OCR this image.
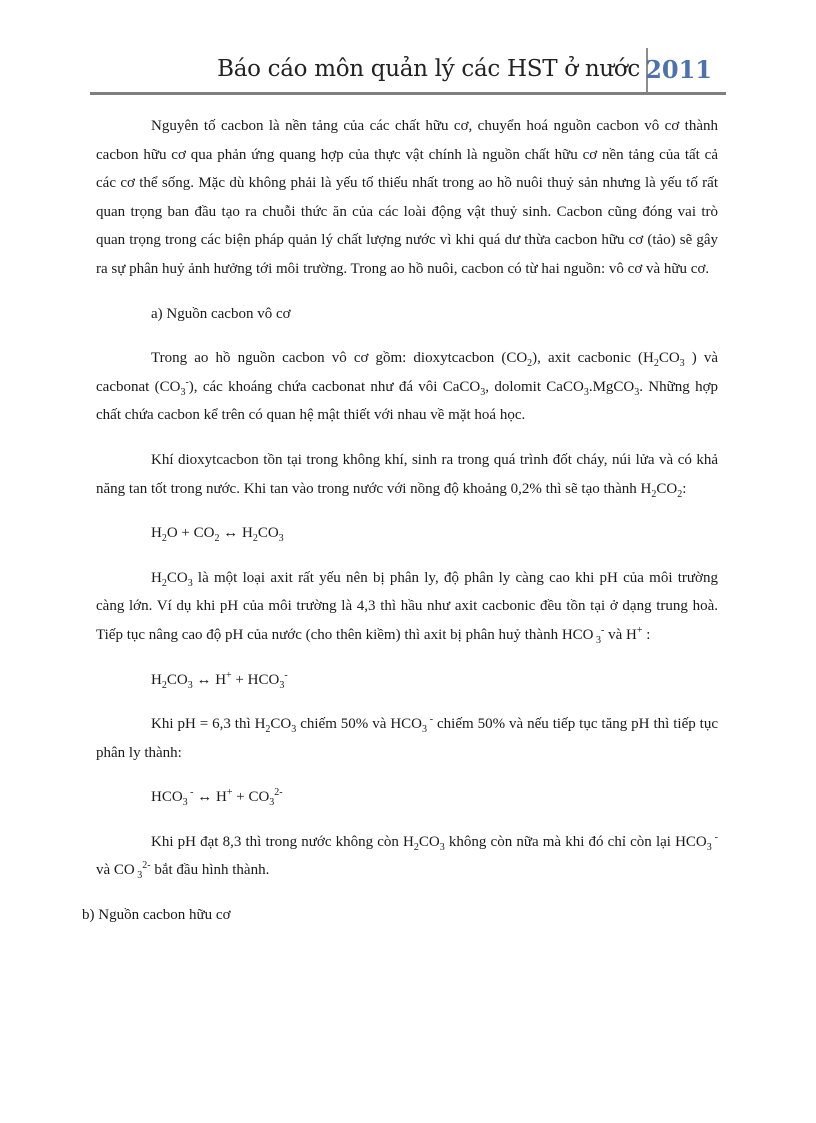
Báo cáo môn quản lý các HST ở nước 2011

Nguyên tố cacbon là nền tảng của các chất hữu cơ, chuyển hoá nguồn cacbon vô cơ thành cacbon hữu cơ qua phản ứng quang hợp của thực vật chính là nguồn chất hữu cơ nền tảng của tất cả các cơ thể sống. Mặc dù không phải là yếu tố thiếu nhất trong ao hồ nuôi thuỷ sản nhưng là yếu tố rất quan trọng ban đầu tạo ra chuỗi thức ăn của các loài động vật thuỷ sinh. Cacbon cũng đóng vai trò quan trọng trong các biện pháp quản lý chất lượng nước vì khi quá dư thừa cacbon hữu cơ (tảo) sẽ gây ra sự phân huỷ ảnh hưởng tới môi trường. Trong ao hồ nuôi, cacbon có từ hai nguồn: vô cơ và hữu cơ.

a) Nguồn cacbon vô cơ

Trong ao hồ nguồn cacbon vô cơ gồm: dioxytcacbon $(CO_2)$, axit cacbonic ($H_2CO_3$ ) và cacbonat $(CO_3^-)$, các khoáng chứa cacbonat như đá vôi CaCO$_3$, dolomit CaCO$_3$.MgCO$_3$. Những hợp chất chứa cacbon kể trên có quan hệ mật thiết với nhau về mặt hoá học.

Khí dioxytcacbon tồn tại trong không khí, sinh ra trong quá trình đốt cháy, núi lửa và có khả năng tan tốt trong nước. Khi tan vào trong nước với nồng độ khoảng 0,2% thì sẽ tạo thành $H_2CO_2$:

$H_2O + CO_2$ ↔ $H_2CO_3$

$H_2CO_3$ là một loại axit rất yếu nên bị phân ly, độ phân ly càng cao khi pH của môi trường càng lớn. Ví dụ khi pH của môi trường là 4,3 thì hầu như axit cacbonic đều tồn tại ở dạng trung hoà. Tiếp tục nâng cao độ pH của nước (cho thên kiềm) thì axit bị phân huỷ thành HCO $_3$- và H+ :

$H_2CO_3$ ↔ $H^+ + HCO_3^-$

Khi pH = 6,3 thì $H_2CO_3$ chiếm 50% và $HCO_3$ - chiếm 50% và nếu tiếp tục tăng pH thì tiếp tục phân ly thành:

$HCO_3$ - ↔ $H^+ + CO_3^{2-}$

Khi pH đạt 8,3 thì trong nước không còn $H_2CO_3$ không còn nữa mà khi đó chỉ còn lại $HCO_3$ - và CO $_3^{2-}$ bắt đầu hình thành.

b) Nguồn cacbon hữu cơ
